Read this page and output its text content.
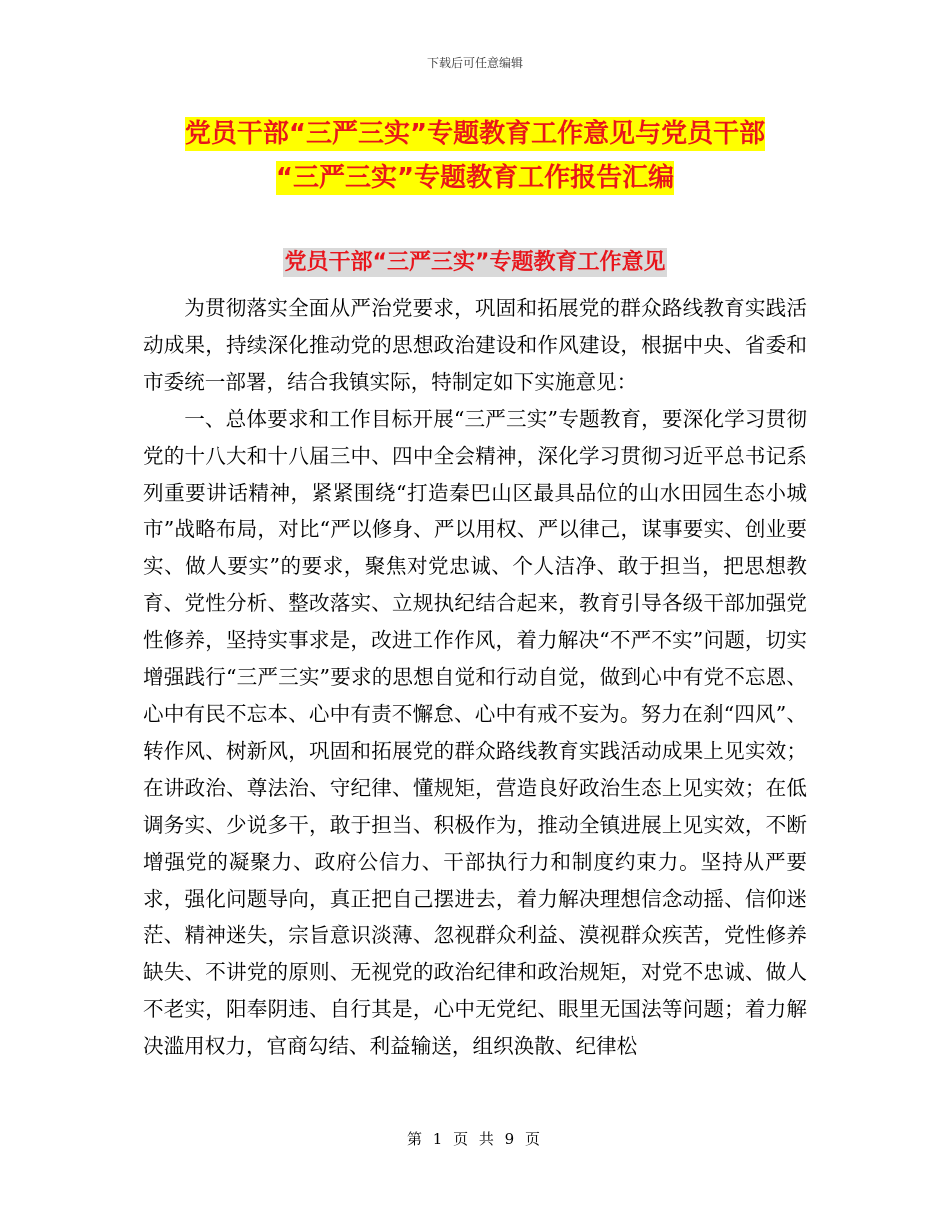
下载后可任意编辑
党员干部“三严三实”专题教育工作意见与党员干部
“三严三实”专题教育工作报告汇编
党员干部“三严三实”专题教育工作意见

为贯彻落实全面从严治党要求，巩固和拓展党的群众路线教育实践活动成果，持续深化推动党的思想政治建设和作风建设，根据中央、省委和市委统一部署，结合我镇实际，特制定如下实施意见：

一、总体要求和工作目标开展“三严三实”专题教育，要深化学习贯彻党的十八大和十八届三中、四中全会精神，深化学习贯彻习近平总书记系列重要讲话精神，紧紧围绕“打造秦巴山区最具品位的山水田园生态小城市”战略布局，对比“严以修身、严以用权、严以律己，谋事要实、创业要实、做人要实”的要求，聚焦对党忠诚、个人洁净、敢于担当，把思想教育、党性分析、整改落实、立规执纪结合起来，教育引导各级干部加强党性修养，坚持实事求是，改进工作作风，着力解决“不严不实”问题，切实增强践行“三严三实”要求的思想自觉和行动自觉，做到心中有党不忘恩、心中有民不忘本、心中有责不懈怠、心中有戒不妄为。努力在刹“四风”、转作风、树新风，巩固和拓展党的群众路线教育实践活动成果上见实效；在讲政治、尊法治、守纪律、懂规矩，营造良好政治生态上见实效；在低调务实、少说多干，敢于担当、积极作为，推动全镇进展上见实效，不断增强党的凝聚力、政府公信力、干部执行力和制度约束力。坚持从严要求，强化问题导向，真正把自己摆进去，着力解决理想信念动摇、信仰迷茫、精神迷失，宗旨意识淡薄、忽视群众利益、漠视群众疾苦，党性修养缺失、不讲党的原则、无视党的政治纪律和政治规矩，对党不忠诚、做人不老实，阳奉阴违、自行其是，心中无党纪、眼里无国法等问题；着力解决滥用权力，官商勾结、利益输送，组织涣散、纪律松

第 1 页 共 9 页
